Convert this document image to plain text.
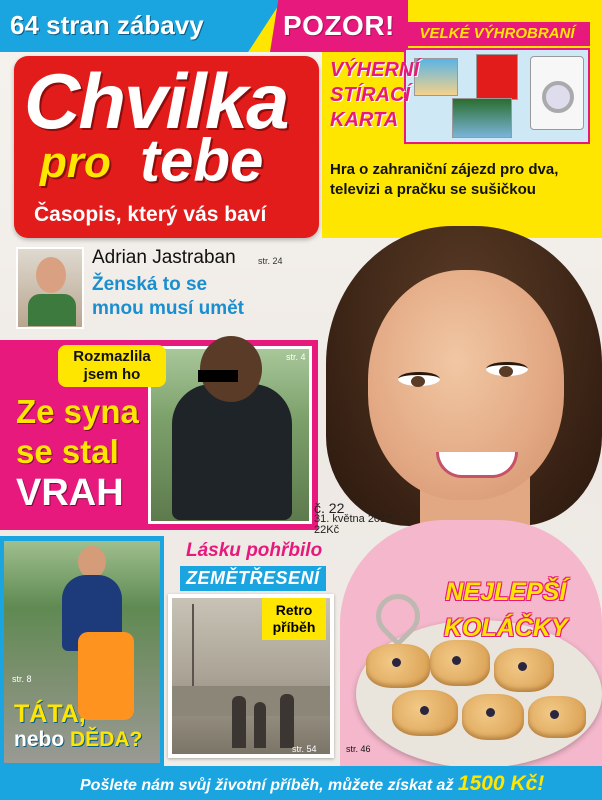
64 stran zábavy	POZOR!	VELKÉ VÝHROBRANÍ
VÝHERNÍ
STÍRACÍ
KARTA
Hra o zahraniční zájezd pro dva, televizi a pračku se sušičkou
Chvilka
pro tebe
Časopis, který vás baví
Adrian Jastraban str. 24
Ženská to se
mnou musí umět
str. 4
Rozmazlila
jsem ho
Ze syna
se stal
VRAH	č. 22
31. května 2017
22Kč
str. 8
TÁTA,
nebo DĚDA?
Lásku pohřbilo
ZEMĚTŘESENÍ
Retro
příběh
str. 54
NEJLEPŠÍ
KOLÁČKY
str. 46
Pošlete nám svůj životní příběh, můžete získat až 1500 Kč!
